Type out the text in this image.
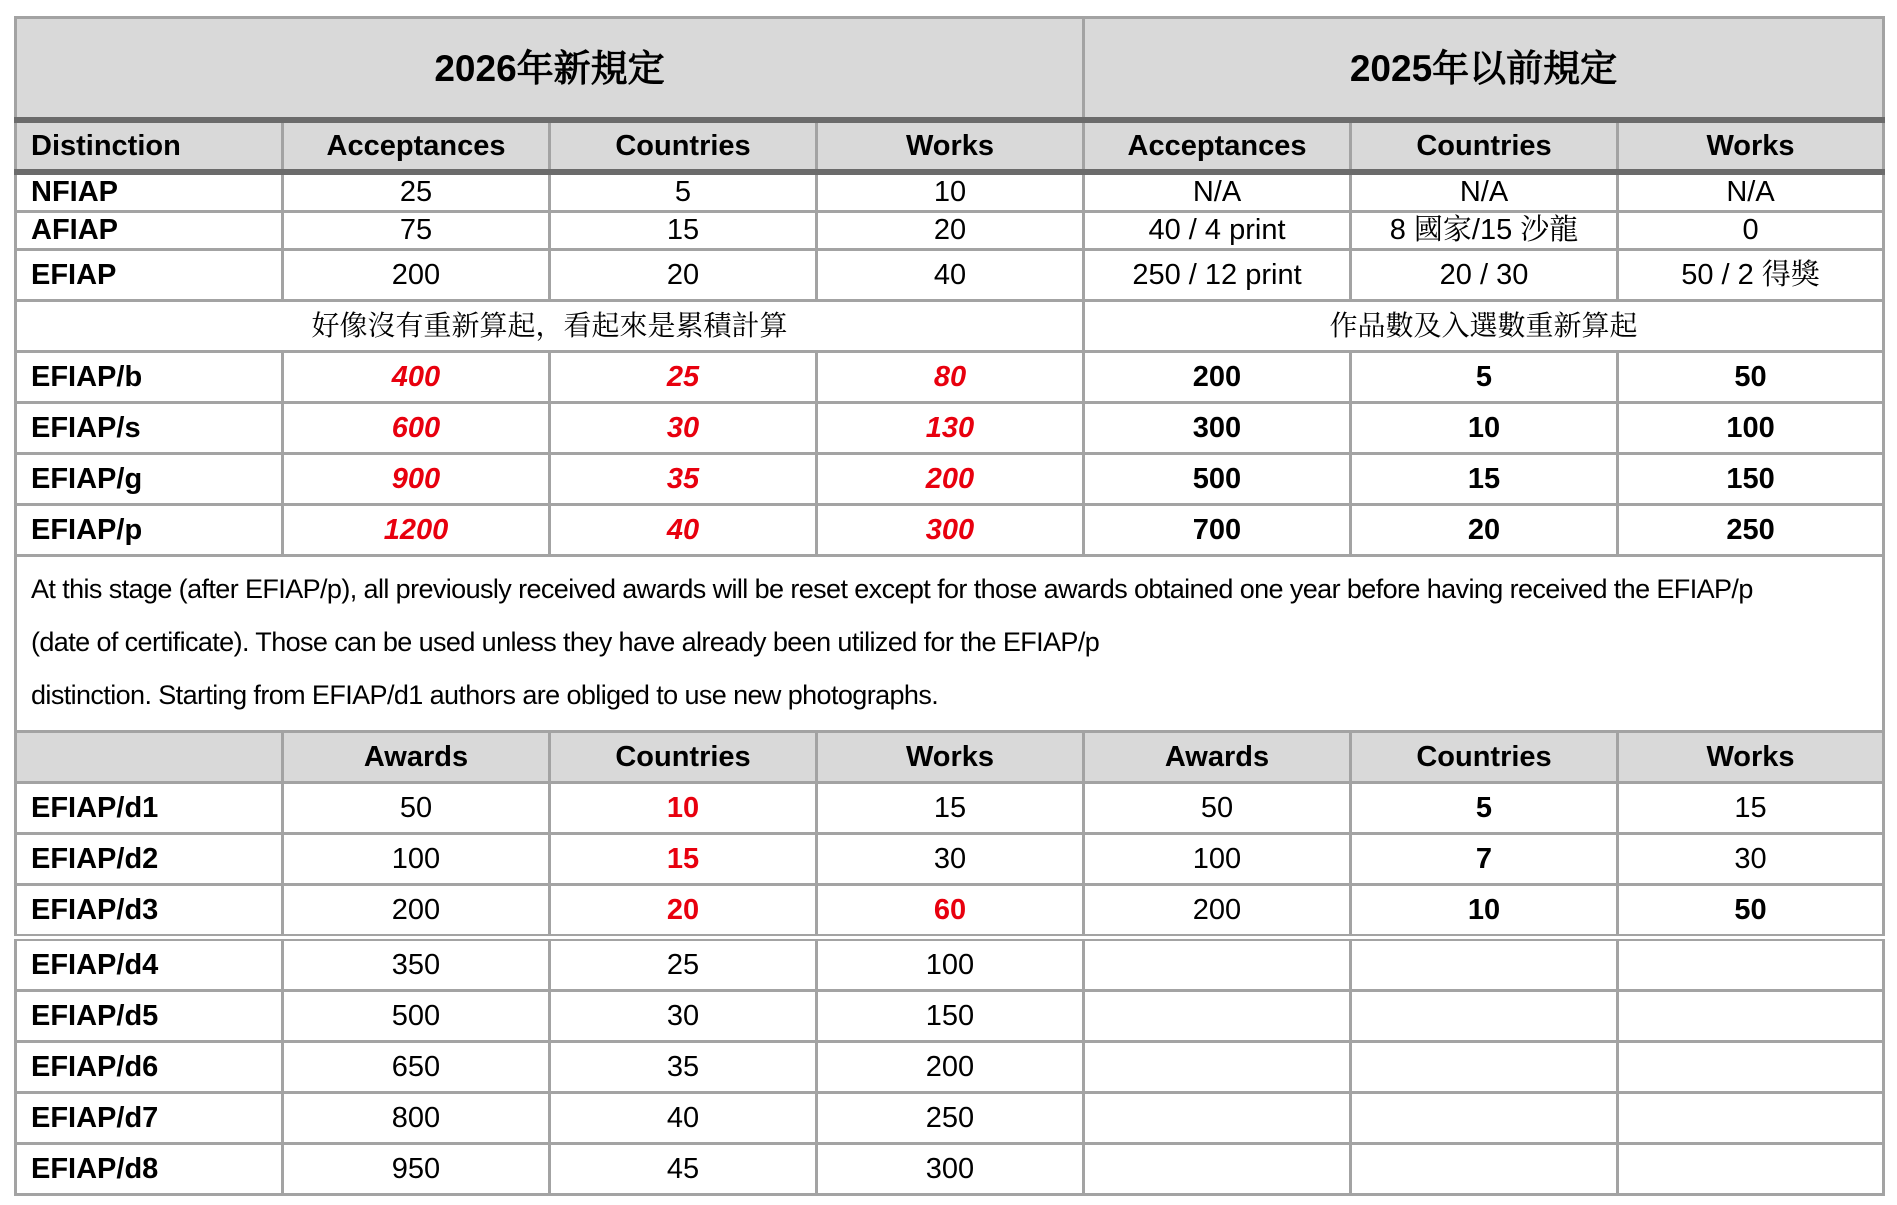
2026年新規定				2025年以前規定		
Distinction	Acceptances	Countries	Works	Acceptances	Countries	Works
NFIAP	25	5	10	N/A	N/A	N/A
AFIAP	75	15	20	40 / 4 print	8 國家/15 沙龍	0
EFIAP	200	20	40	250 / 12 print	20 / 30	50 / 2 得獎
好像沒有重新算起，看起來是累積計算				作品數及入選數重新算起		
EFIAP/b	400	25	80	200	5	50
EFIAP/s	600	30	130	300	10	100
EFIAP/g	900	35	200	500	15	150
EFIAP/p	1200	40	300	700	20	250

At this stage (after EFIAP/p), all previously received awards will be reset except for those awards obtained one year before having received the EFIAP/p
(date of certificate). Those can be used unless they have already been utilized for the EFIAP/p
distinction. Starting from EFIAP/d1 authors are obliged to use new photographs.						

	Awards	Countries	Works	Awards	Countries	Works
EFIAP/d1	50	10	15	50	5	15
EFIAP/d2	100	15	30	100	7	30
EFIAP/d3	200	20	60	200	10	50
EFIAP/d4	350	25	100			
EFIAP/d5	500	30	150			
EFIAP/d6	650	35	200			
EFIAP/d7	800	40	250			
EFIAP/d8	950	45	300			
